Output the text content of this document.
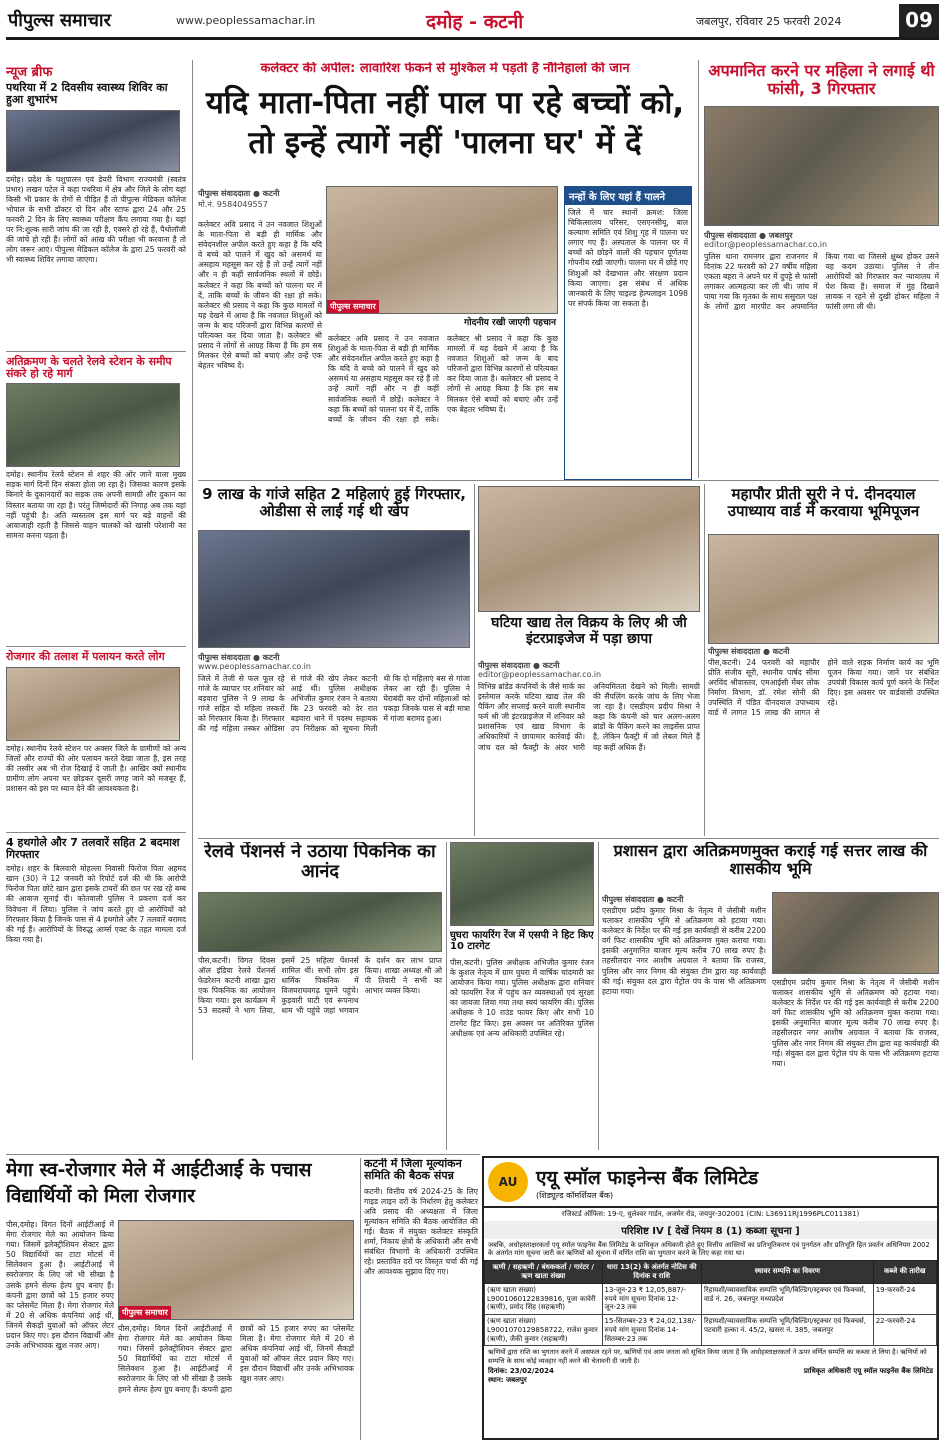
पीपुल्स समाचार	www.peoplessamachar.in	दमोह - कटनी	जबलपुर, रविवार 25 फरवरी 2024	09
न्यूज ब्रीफ
पथरिया में 2 दिवसीय स्वास्थ्य शिविर का हुआ शुभारंभ
दमोह। प्रदेश के पशुपालन एवं डेयरी विभाग राज्यमंत्री (स्वतंत्र प्रभार) लखन पटेल ने कहा पथरिया में क्षेत्र और जिले के लोग यहां किसी भी प्रकार के रोगों से पीड़ित हैं तो पीपुल्स मेडिकल कॉलेज भोपाल के सभी डॉक्टर दो दिन और स्टाफ द्वारा 24 और 25 फरवरी 2 दिन के लिए स्वास्थ्य परीक्षण कैंप लगाया गया है। यहां पर नि:शुल्क सारी जांच की जा रही है, एक्सरे हो रहे हैं, पैथोलॉजी की जांचे हो रही हैं। लोगों को आंख की परीक्षा भी करवाना है तो लोग जरूर आएं। पीपुल्स मेडिकल कॉलेज के द्वारा 25 फरवरी को भी स्वास्थ्य शिविर लगाया जाएगा।
अतिक्रमण के चलते रेलवे स्टेशन के समीप संकरे हो रहे मार्ग
दमोह। स्थानीय रेलवे स्टेशन से शहर की ओर जाने वाला मुख्य सड़क मार्ग दिनों दिन संकरा होता जा रहा है। जिसका कारण इसके किनारे के दुकानदारों का सड़क तक अपनी सामग्री और दुकान का विस्तार बताया जा रहा है। परंतु जिम्मेदारों की निगाह अब तक यहां नहीं पहुंची है। अति व्यस्ततम इस मार्ग पर बड़े वाहनों की आवाजाही रहती है जिससे वाहन चालकों को खासी परेशानी का सामना करना पड़ता है।
रोजगार की तलाश में पलायन करते लोग
दमोह। स्थानीय रेलवे स्टेशन पर अक्सर जिले के ग्रामीणों को अन्य जिलों और राज्यों की ओर पलायन करते देखा जाता है, इस तरह की तस्वीर अब भी रोज दिखाई दे जाती है। आखिर क्यों स्थानीय ग्रामीण लोग अपना घर छोड़कर दूसरी जगह जाने को मजबूर हैं, प्रशासन को इस पर ध्यान देने की आवश्यकता है।
4 हथगोले और 7 तलवारें सहित 2 बदमाश गिरफ्तार
दमोह। शहर के बिलवारी मोहल्ला निवासी फिरोज पिता अहमद खान (30) ने 12 जनवरी को रिपोर्ट दर्ज की थी कि आरोपी फिरोज पिता छोटे खान द्वारा इसके टायरों की छत पर रख रहे बम्ब की आवाज सुनाई दी। कोतवाली पुलिस ने प्रकरण दर्ज कर विवेचना में लिया। पुलिस ने जांच करते हुए दो आरोपियों को गिरफ्तार किया है जिनके पास से 4 हथगोले और 7 तलवारें बरामद की गई हैं। आरोपियों के विरुद्ध आर्म्स एक्ट के तहत मामला दर्ज किया गया है।
कलेक्टर की अपील: लावारिश फेकने से मुश्किल में पड़ती है नौनिहालों की जान
यदि माता-पिता नहीं पाल पा रहे बच्चों को, तो इन्हें त्यागें नहीं 'पालना घर' में दें
पीपुल्स संवाददाता ● कटनी
मो.नं. 9584049557
पीपुल्स समाचार
कलेक्टर अवि प्रसाद ने उन नवजात शिशुओं के माता-पिता से बड़ी ही मार्मिक और संवेदनशील अपील करते हुए कहा है कि यदि वे बच्चे को पालने में खुद को असमर्थ या असहाय महसूस कर रहे हैं तो उन्हें त्यागें नहीं और न ही कहीं सार्वजनिक स्थलों में छोड़ें। कलेक्टर ने कहा कि बच्चों को पालना घर में दें, ताकि बच्चों के जीवन की रक्षा हो सके। कलेक्टर श्री प्रसाद ने कहा कि कुछ मामलों में यह देखने में आया है कि नवजात शिशुओं को जन्म के बाद परिजनों द्वारा विभिन्न कारणों से परित्यक्त कर दिया जाता है। कलेक्टर श्री प्रसाद ने लोगों से आग्रह किया है कि हम सब मिलकर ऐसे बच्चों को बचाएं और उन्हें एक बेहतर भविष्य दें।
गोदनीय रखी जाएगी पहचान
कलेक्टर अवि प्रसाद ने उन नवजात शिशुओं के माता-पिता से बड़ी ही मार्मिक और संवेदनशील अपील करते हुए कहा है कि यदि वे बच्चे को पालने में खुद को असमर्थ या असहाय महसूस कर रहे हैं तो उन्हें त्यागें नहीं और न ही कहीं सार्वजनिक स्थलों में छोड़ें। कलेक्टर ने कहा कि बच्चों को पालना घर में दें, ताकि बच्चों के जीवन की रक्षा हो सके। कलेक्टर श्री प्रसाद ने कहा कि कुछ मामलों में यह देखने में आया है कि नवजात शिशुओं को जन्म के बाद परिजनों द्वारा विभिन्न कारणों से परित्यक्त कर दिया जाता है। कलेक्टर श्री प्रसाद ने लोगों से आग्रह किया है कि हम सब मिलकर ऐसे बच्चों को बचाएं और उन्हें एक बेहतर भविष्य दें।
नन्हों के लिए यहां हैं पालने
जिले में चार स्थानों क्रमश: जिला चिकित्सालय परिसर, एसएनसीयू, बाल कल्याण समिति एवं शिशु गृह में पालना घर लगाए गए हैं। अस्पताल के पालना घर में बच्चों को छोड़ने वालों की पहचान पूर्णतया गोपनीय रखी जाएगी। पालना घर में छोड़े गए शिशुओं को देखभाल और संरक्षण प्रदान किया जाएगा। इस संबंध में अधिक जानकारी के लिए चाइल्ड हेल्पलाइन 1098 पर संपर्क किया जा सकता है।
अपमानित करने पर महिला ने लगाई थी फांसी, 3 गिरफ्तार
पीपुल्स संवाददाता ● जबलपुर
editor@peoplessamachar.co.in
पुलिस थाना रामनगर द्वारा राजनगर में दिनांक 22 फरवरी को 27 वर्षीय महिला एकता बहरा ने अपने घर में दुपट्टे से फांसी लगाकर आत्महत्या कर ली थी। जांच में पाया गया कि मृतका के साथ ससुराल पक्ष के लोगों द्वारा मारपीट कर अपमानित किया गया था जिससे क्षुब्ध होकर उसने यह कदम उठाया। पुलिस ने तीन आरोपियों को गिरफ्तार कर न्यायालय में पेश किया है। समाज में मुंह दिखाने लायक न रहने से दुखी होकर महिला ने फांसी लगा ली थी।
9 लाख के गांजे सहित 2 महिलाएं हुई गिरफ्तार, ओडीसा से लाई गई थी खेप
पीपुल्स संवाददाता ● कटनी
www.peoplessamachar.co.in
जिले में तेजी से फल फूल रहे गांजे के व्यापार पर शनिवार को बड़वारा पुलिस ने 9 लाख के गांजे सहित दो महिला तस्करों को गिरफ्तार किया है। गिरफ्तार की गई महिला तस्कर ओडिसा से गांजे की खेप लेकर कटनी आई थीं। पुलिस अधीक्षक अभिजीत कुमार रंजन ने बताया कि 23 फरवरी को देर रात बड़वारा थाने में पदस्थ सहायक उप निरीक्षक को सूचना मिली थी कि दो महिलाएं बस से गांजा लेकर आ रही हैं। पुलिस ने घेराबंदी कर दोनों महिलाओं को पकड़ा जिनके पास से बड़ी मात्रा में गांजा बरामद हुआ।
घटिया खाद्य तेल विक्रय के लिए श्री जी इंटरप्राइजेज में पड़ा छापा
पीपुल्स संवाददाता ● कटनी
editor@peoplessamachar.co.in
विभिन्न ब्रांडेड कंपनियों के जैसे मार्क का इस्तेमाल करके घटिया खाद्य तेल की पैकिंग और सप्लाई करने वाली स्थानीय फर्म श्री जी इंटरप्राइजेज में शनिवार को प्रशासनिक एवं खाद्य विभाग के अधिकारियों ने छापामार कार्रवाई की। जांच दल को फैक्ट्री के अंदर भारी अनियमितता देखने को मिली। सामग्री की सैंपलिंग करके जांच के लिए भेजा जा रहा है। एसडीएम प्रदीप मिश्रा ने कहा कि कंपनी को चार अलग-अलग ब्रांडों के पैकिंग करने का लाइसेंस प्राप्त है, लेकिन फैक्ट्री में जो लेबल मिले हैं वह कहीं अधिक हैं।
महापौर प्रीती सूरी ने पं. दीनदयाल उपाध्याय वार्ड में करवाया भूमिपूजन
पीपुल्स संवाददाता ● कटनी
पीस,कटनी। 24 फरवरी को महापौर प्रीति संजीव सूरी, स्थानीय पार्षद सीमा अरविंद श्रीवास्तव, एमआईसी मेंबर लोक निर्माण विभाग, डॉ. रमेश सोनी की उपस्थिति में पंडित दीनदयाल उपाध्याय वार्ड में लागत 15 लाख की लागत से होने वाले सड़क निर्माण कार्य का भूमि पूजन किया गया। जाने पर संबंधित उपयंत्री विकास कार्य पूर्ण करने के निर्देश दिए। इस अवसर पर वार्डवासी उपस्थित रहे।
रेलवे पेंशनर्स ने उठाया पिकनिक का आनंद
पीस,कटनी। विगत दिवस ऑल इंडिया रेलवे पेंशनर्स फेडरेशन कटनी शाखा द्वारा एक पिकनिक का आयोजन किया गया। इस कार्यक्रम में 53 सदस्यों ने भाग लिया, इसमें 25 महिला पेंशनर्स शामिल थीं। सभी लोग इस धार्मिक पिकनिक में विजयराघवगढ़ घूमने पहुंचे। कुड़वारी घाटी एवं रूपनाथ धाम भी पहुंचे जहां भगवान के दर्शन कर लाभ प्राप्त किया। शाखा अध्यक्ष श्री ओ पी तिवारी ने सभी का आभार व्यक्त किया।
घुघरा फायरिंग रेंज में एसपी ने हिट किए 10 टारगेट
पीस,कटनी। पुलिस अधीक्षक अभिजीत कुमार रंजन के कुशल नेतृत्व में ग्राम घुघरा में वार्षिक चांदमारी का आयोजन किया गया। पुलिस अधीक्षक द्वारा शनिवार को फायरिंग रेंज में पहुंच कर व्यवस्थाओं एवं सुरक्षा का जायजा लिया गया तथा स्वयं फायरिंग की। पुलिस अधीक्षक ने 10 राउंड फायर किए और सभी 10 टारगेट हिट किए। इस अवसर पर अतिरिक्त पुलिस अधीक्षक एवं अन्य अधिकारी उपस्थित रहे।
प्रशासन द्वारा अतिक्रमणमुक्त कराई गई सत्तर लाख की शासकीय भूमि
पीपुल्स संवाददाता ● कटनी
एसडीएम प्रदीप कुमार मिश्रा के नेतृत्व में जेसीबी मशीन चलाकर शासकीय भूमि से अतिक्रमण को हटाया गया। कलेक्टर के निर्देश पर की गई इस कार्यवाही से करीब 2200 वर्ग फिट शासकीय भूमि को अतिक्रमण मुक्त कराया गया। इसकी अनुमानित बाजार मूल्य करीब 70 लाख रुपए है। तहसीलदार नगर आशीष अग्रवाल ने बताया कि राजस्व, पुलिस और नगर निगम की संयुक्त टीम द्वारा यह कार्यवाही की गई। संयुक्त दल द्वारा पेट्रोल पंप के पास भी अतिक्रमण हटाया गया।
एसडीएम प्रदीप कुमार मिश्रा के नेतृत्व में जेसीबी मशीन चलाकर शासकीय भूमि से अतिक्रमण को हटाया गया। कलेक्टर के निर्देश पर की गई इस कार्यवाही से करीब 2200 वर्ग फिट शासकीय भूमि को अतिक्रमण मुक्त कराया गया। इसकी अनुमानित बाजार मूल्य करीब 70 लाख रुपए है। तहसीलदार नगर आशीष अग्रवाल ने बताया कि राजस्व, पुलिस और नगर निगम की संयुक्त टीम द्वारा यह कार्यवाही की गई। संयुक्त दल द्वारा पेट्रोल पंप के पास भी अतिक्रमण हटाया गया।
मेगा स्व-रोजगार मेले में आईटीआई के पचास विद्यार्थियों को मिला रोजगार
पीपुल्स समाचार
पीस,दमोह। विगत दिनों आईटीआई में मेगा रोजगार मेले का आयोजन किया गया। जिसमें इलेक्ट्रीशियन सेक्टर द्वारा 50 विद्यार्थियों का टाटा मोटर्स में सिलेक्शन हुआ है। आईटीआई में स्वरोजगार के लिए जो भी सीखा है उसके हमने सेल्फ हेल्प ग्रुप बनाए हैं। कंपनी द्वारा छात्रों को 15 हजार रुपए का प्लेसमेंट मिला है। मेगा रोजगार मेले में 20 से अधिक कंपनियां आई थीं, जिनमें सैकड़ों युवाओं को ऑफर लेटर प्रदान किए गए। इस दौरान विद्यार्थी और उनके अभिभावक खुश नजर आए।
पीस,दमोह। विगत दिनों आईटीआई में मेगा रोजगार मेले का आयोजन किया गया। जिसमें इलेक्ट्रीशियन सेक्टर द्वारा 50 विद्यार्थियों का टाटा मोटर्स में सिलेक्शन हुआ है। आईटीआई में स्वरोजगार के लिए जो भी सीखा है उसके हमने सेल्फ हेल्प ग्रुप बनाए हैं। कंपनी द्वारा छात्रों को 15 हजार रुपए का प्लेसमेंट मिला है। मेगा रोजगार मेले में 20 से अधिक कंपनियां आई थीं, जिनमें सैकड़ों युवाओं को ऑफर लेटर प्रदान किए गए। इस दौरान विद्यार्थी और उनके अभिभावक खुश नजर आए।
कटनी में जिला मूल्यांकन समिति की बैठक संपन्न
कटनी। वित्तीय वर्ष 2024-25 के लिए गाइड लाइन दरों के निर्धारण हेतु कलेक्टर अवि प्रसाद की अध्यक्षता में जिला मूल्यांकन समिति की बैठक आयोजित की गई। बैठक में संयुक्त कलेक्टर संस्कृति शर्मा, निकाय क्षेत्रों के अधिकारी और सभी संबंधित विभागों के अधिकारी उपस्थित रहे। प्रस्तावित दरों पर विस्तृत चर्चा की गई और आवश्यक सुझाव दिए गए।
AU एयू स्मॉल फाइनेन्स बैंक लिमिटेड
(शिड्यूल्ड कॉमर्शियल बैंक)
रजिस्टर्ड ऑफिस: 19-ए, धुलेश्वर गार्डन, अजमेर रोड, जयपुर-302001 (CIN: L36911RJ1996PLC011381)
परिशिष्ट IV [ देखें नियम 8 (1) कब्जा सूचना ]
जबकि, अधोहस्ताक्षरकर्ता एयू स्मॉल फाइनेंस बैंक लिमिटेड के प्राधिकृत अधिकारी होते हुए वित्तीय आस्तियों का प्रतिभूतिकरण एवं पुनर्गठन और प्रतिभूति हित प्रवर्तन अधिनियम 2002 के अंतर्गत मांग सूचना जारी कर ऋणियों को सूचना में वर्णित राशि का भुगतान करने के लिए कहा गया था।
ऋणी / सहऋणी / बंधककर्ता / गारंटर / ऋण खाता संख्या	धारा 13(2) के अंतर्गत नोटिस की दिनांक व राशि	स्थावर सम्पत्ति का विवरण	कब्जे की तारीख
(ऋण खाता संख्या) L9001060122839816, पूजा कावेरी (ऋणी), प्रमोद सिंह (सहऋणी)	13-जून-23 ₹ 12,05,887/- रुपये मांग सूचना दिनांक 12-जून-23 तक	रिहायशी/व्यावसायिक सम्पत्ति भूमि/बिल्डिंग/स्ट्रक्चर एवं फिक्चर्स, वार्ड नं. 26, जबलपुर मध्यप्रदेश	19-फरवरी-24
(ऋण खाता संख्या) L9001070129858722, राजेश कुमार (ऋणी), जैकी कुमार (सहऋणी)	15-सितम्बर-23 ₹ 24,02,138/- रुपये मांग सूचना दिनांक 14-सितम्बर-23 तक	रिहायशी/व्यावसायिक सम्पत्ति भूमि/बिल्डिंग/स्ट्रक्चर एवं फिक्चर्स, पटवारी हल्का नं. 45/2, खसरा नं. 385, जबलपुर	22-फरवरी-24
ऋणियों द्वारा राशि का भुगतान करने में असफल रहने पर, ऋणियों एवं आम जनता को सूचित किया जाता है कि अधोहस्ताक्षरकर्ता ने ऊपर वर्णित सम्पत्ति का कब्जा ले लिया है। ऋणियों को सम्पत्ति के साथ कोई व्यवहार नहीं करने की चेतावनी दी जाती है।
दिनांक: 23/02/2024
स्थान: जबलपुर
प्राधिकृत अधिकारी एयू स्मॉल फाइनेंस बैंक लिमिटेड
